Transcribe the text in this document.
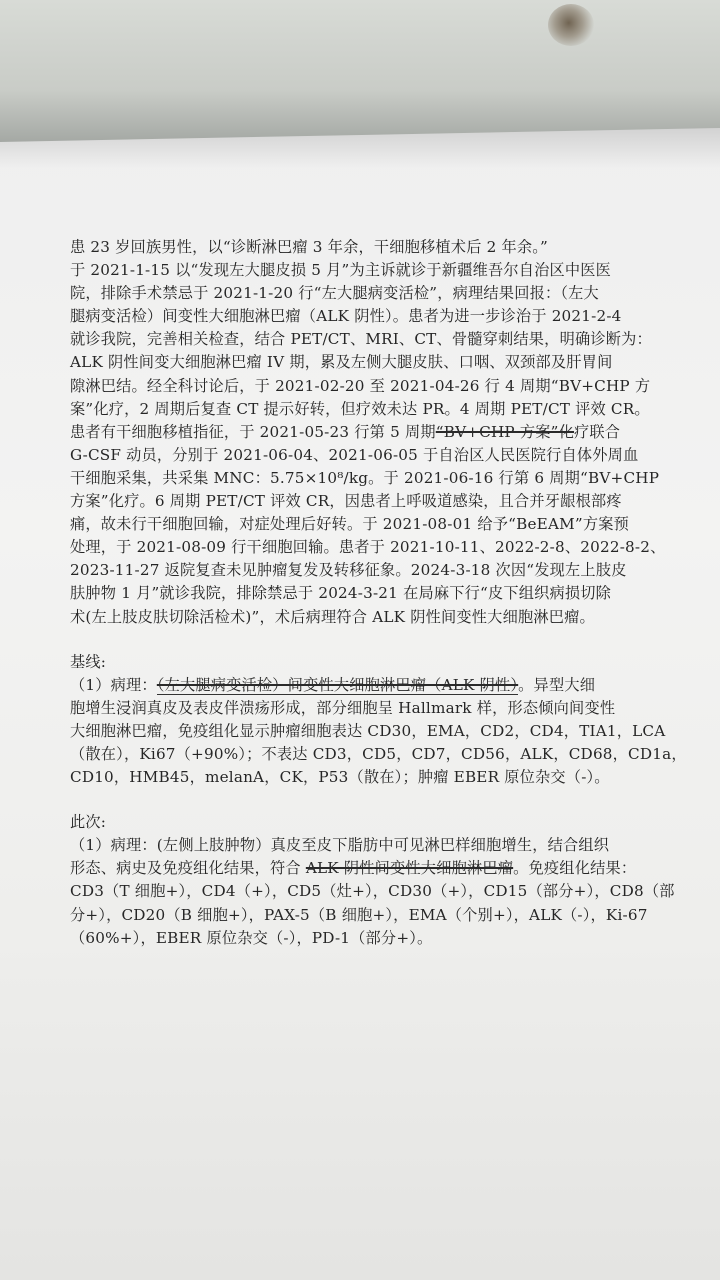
患 23 岁回族男性，以“诊断淋巴瘤 3 年余，干细胞移植术后 2 年余。”
于 2021-1-15 以“发现左大腿皮损 5 月”为主诉就诊于新疆维吾尔自治区中医医
院，排除手术禁忌于 2021-1-20 行“左大腿病变活检”，病理结果回报：（左大
腿病变活检）间变性大细胞淋巴瘤（ALK 阴性）。患者为进一步诊治于 2021-2-4
就诊我院，完善相关检查，结合 PET/CT、MRI、CT、骨髓穿刺结果，明确诊断为：
ALK 阴性间变大细胞淋巴瘤 IV 期，累及左侧大腿皮肤、口咽、双颈部及肝胃间
隙淋巴结。经全科讨论后，于 2021-02-20 至 2021-04-26 行 4 周期“BV+CHP 方
案”化疗，2 周期后复查 CT 提示好转，但疗效未达 PR。4 周期 PET/CT 评效 CR。
患者有干细胞移植指征，于 2021-05-23 行第 5 周期“BV+CHP 方案”化疗联合
G-CSF 动员，分别于 2021-06-04、2021-06-05 于自治区人民医院行自体外周血
干细胞采集，共采集 MNC：5.75×10⁸/kg。于 2021-06-16 行第 6 周期“BV+CHP
方案”化疗。6 周期 PET/CT 评效 CR，因患者上呼吸道感染，且合并牙龈根部疼
痛，故未行干细胞回输，对症处理后好转。于 2021-08-01 给予“BeEAM”方案预
处理，于 2021-08-09 行干细胞回输。患者于 2021-10-11、2022-2-8、2022-8-2、
2023-11-27 返院复查未见肿瘤复发及转移征象。2024-3-18 次因“发现左上肢皮
肤肿物 1 月”就诊我院，排除禁忌于 2024-3-21 在局麻下行“皮下组织病损切除
术(左上肢皮肤切除活检术)”，术后病理符合 ALK 阴性间变性大细胞淋巴瘤。
基线:
（1）病理：（左大腿病变活检）间变性大细胞淋巴瘤（ALK 阴性）。异型大细
胞增生浸润真皮及表皮伴溃疡形成，部分细胞呈 Hallmark 样，形态倾向间变性
大细胞淋巴瘤，免疫组化显示肿瘤细胞表达 CD30，EMA，CD2，CD4，TIA1，LCA
（散在），Ki67（+90%）；不表达 CD3，CD5，CD7，CD56，ALK，CD68，CD1a，
CD10，HMB45，melanA，CK，P53（散在）；肿瘤 EBER 原位杂交（-）。
此次:
（1）病理：(左侧上肢肿物）真皮至皮下脂肪中可见淋巴样细胞增生，结合组织
形态、病史及免疫组化结果，符合 ALK 阴性间变性大细胞淋巴瘤。免疫组化结果：
CD3（T 细胞+），CD4（+），CD5（灶+），CD30（+），CD15（部分+），CD8（部
分+），CD20（B 细胞+），PAX-5（B 细胞+），EMA（个别+），ALK（-），Ki-67
（60%+），EBER 原位杂交（-），PD-1（部分+）。
